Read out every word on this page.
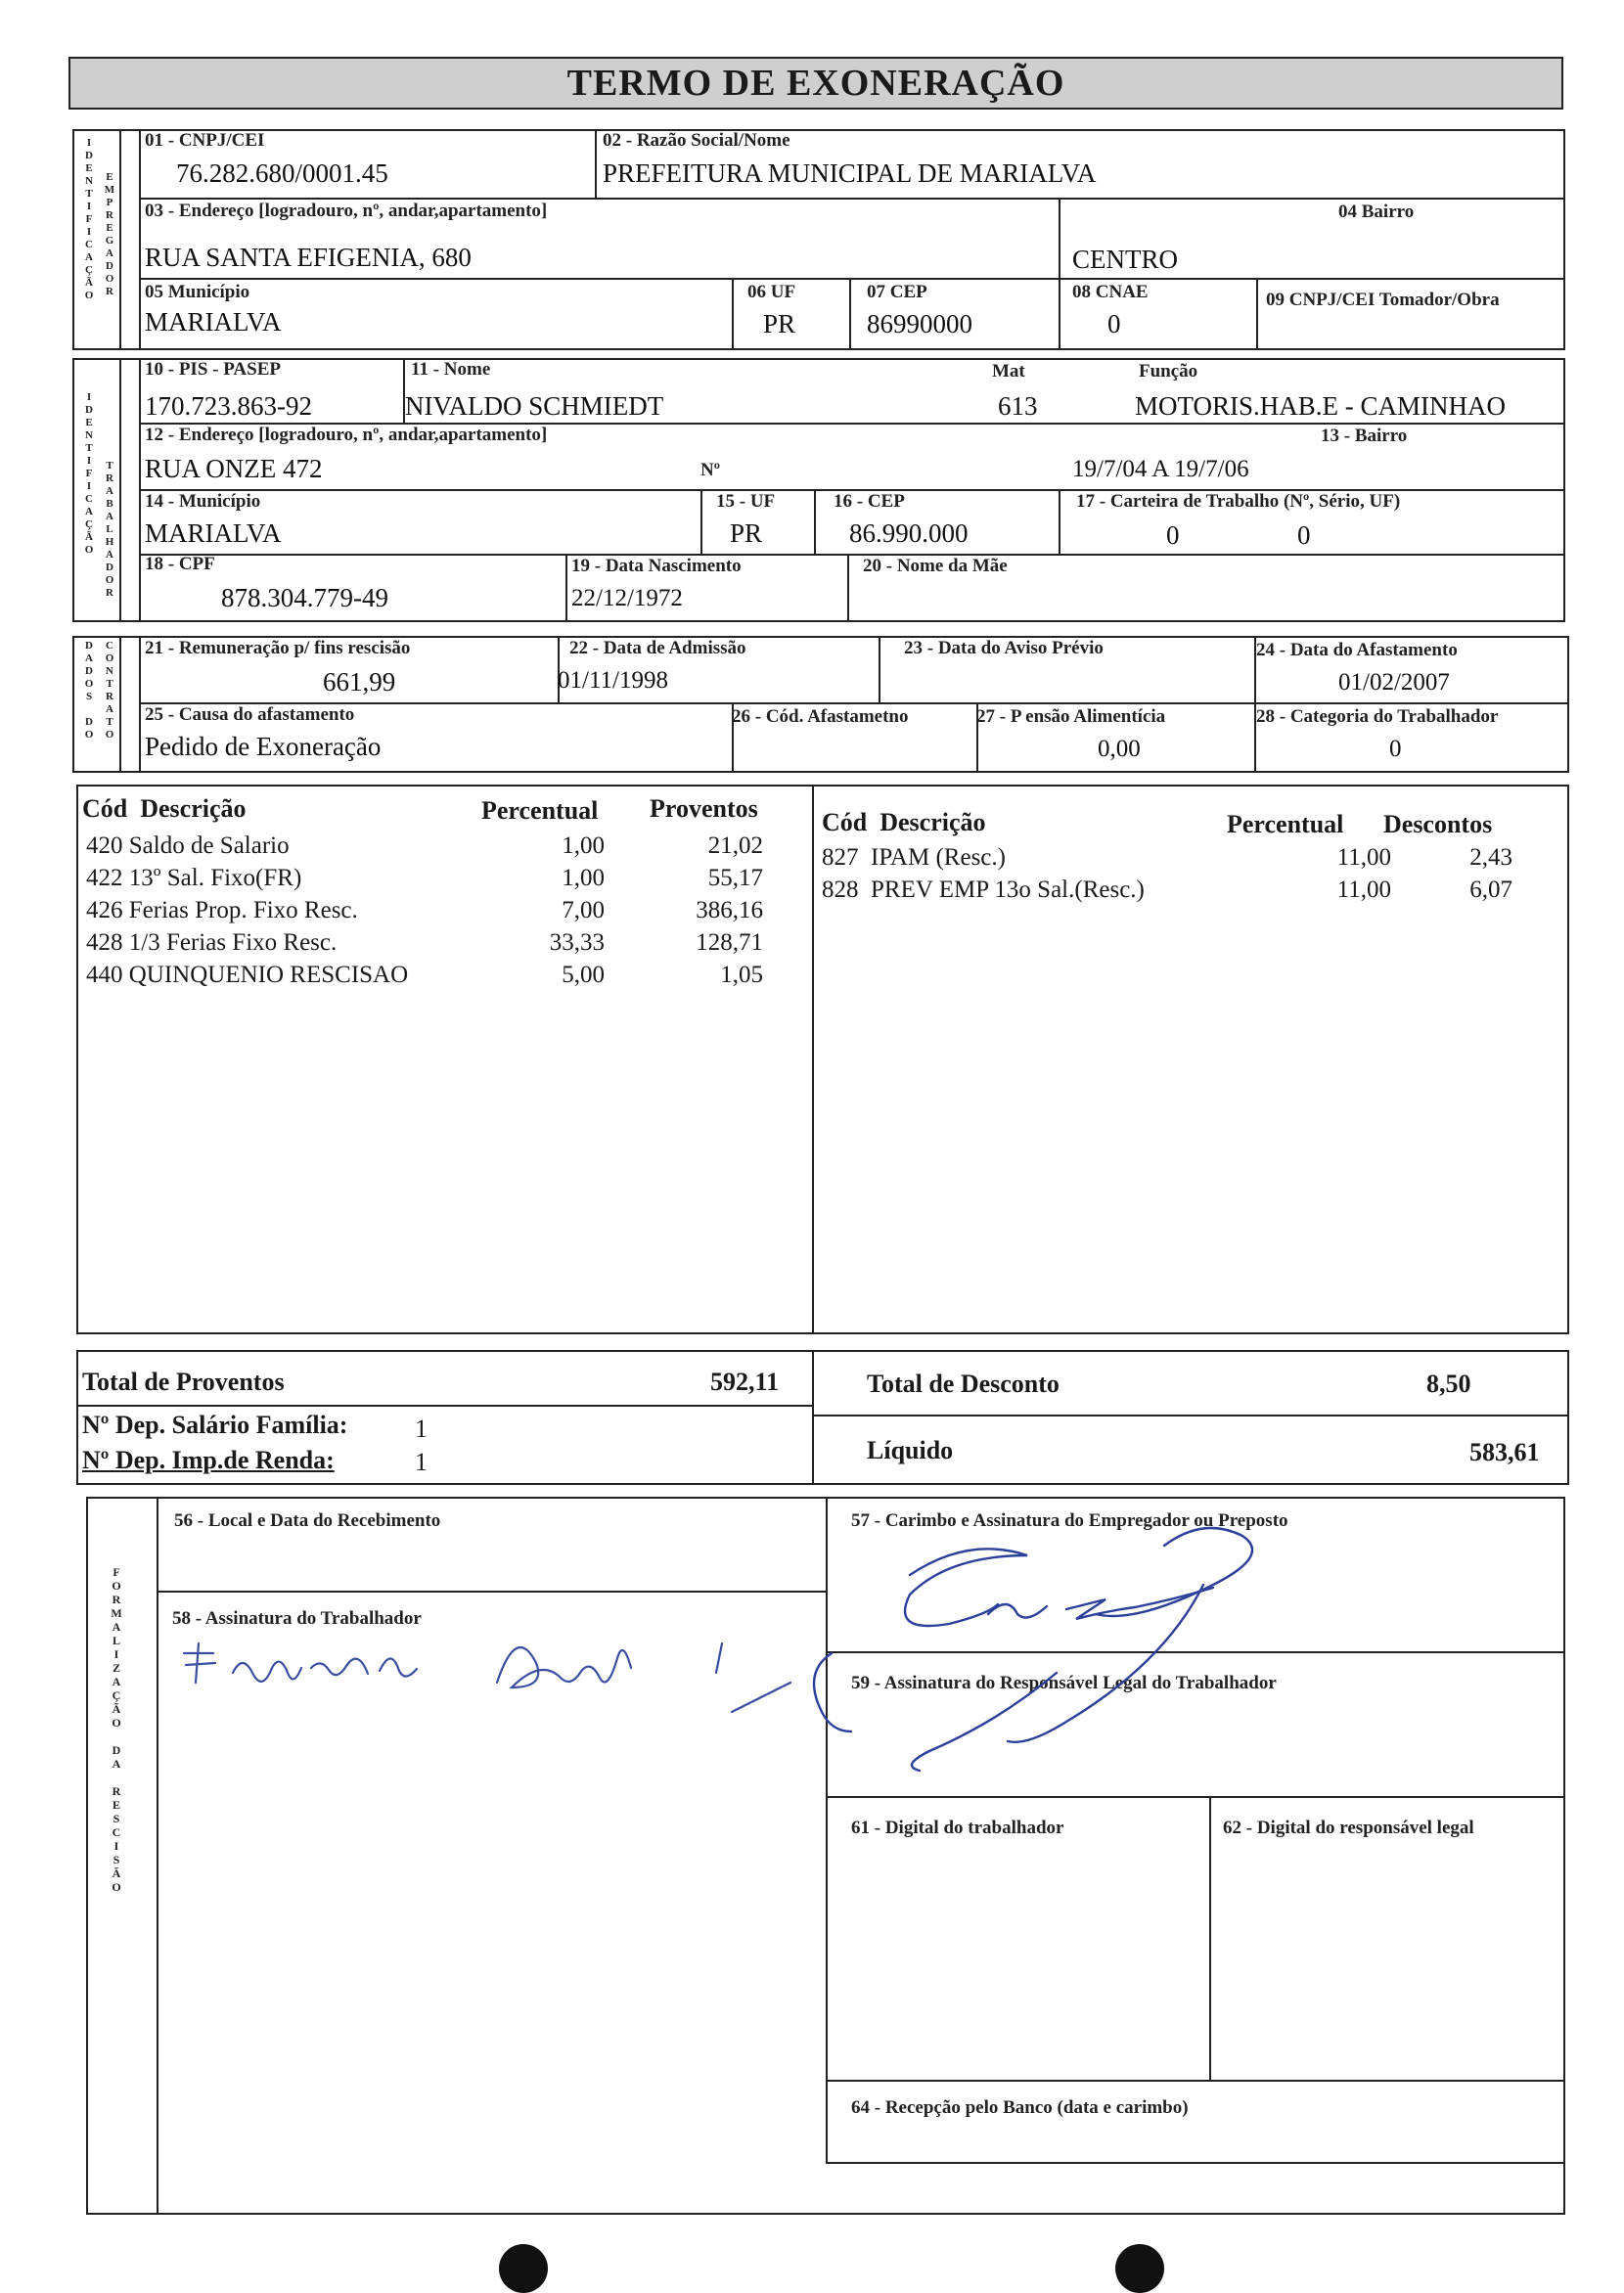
TERMO DE EXONERAÇÃO
I
D
E
N
T
I
F
I
C
A
Ç
Ã
O
E
M
P
R
E
G
A
D
O
R
01 - CNPJ/CEI
76.282.680/0001.45
02 - Razão Social/Nome
PREFEITURA MUNICIPAL DE MARIALVA
03 - Endereço [logradouro, nº, andar,apartamento]
RUA SANTA EFIGENIA, 680
04 Bairro
CENTRO
05 Município
MARIALVA
06 UF
PR
07 CEP
86990000
08 CNAE
0
09 CNPJ/CEI Tomador/Obra
I
D
E
N
T
I
F
I
C
A
Ç
Ã
O
T
R
A
B
A
L
H
A
D
O
R
10 - PIS - PASEP
170.723.863-92
11 - Nome
NIVALDO SCHMIEDT
Mat
613
Função
MOTORIS.HAB.E - CAMINHAO
12 - Endereço [logradouro, nº, andar,apartamento]
RUA ONZE 472	Nº
13 - Bairro
19/7/04 A 19/7/06
14 - Município
MARIALVA
15 - UF
PR
16 - CEP
86.990.000
17 - Carteira de Trabalho (Nº, Sério, UF)
0	0
18 - CPF
878.304.779-49
19 - Data Nascimento
22/12/1972
20 - Nome da Mãe
D
A
D
O
S

D
O
C
O
N
T
R
A
T
O
21 - Remuneração p/ fins rescisão
661,99
22 - Data de Admissão
01/11/1998
23 - Data do Aviso Prévio	24 - Data do Afastamento
01/02/2007
25 - Causa do afastamento
Pedido de Exoneração
26 - Cód. Afastametno	27 - P ensão Alimentícia
0,00
28 - Categoria do Trabalhador
0
Cód  Descrição	Percentual Proventos
420 Saldo de Salario	1,00	21,02
422 13º Sal. Fixo(FR)	1,00	55,17
426 Ferias Prop. Fixo Resc.	7,00	386,16
428 1/3 Ferias Fixo Resc.	33,33	128,71
440 QUINQUENIO RESCISAO	5,00	1,05
Cód  Descrição	Percentual Descontos
827  IPAM (Resc.)	11,00	2,43
828  PREV EMP 13o Sal.(Resc.)	11,00	6,07
Total de Proventos	592,11	Total de Desconto	8,50
Nº Dep. Salário Família:	1
Nº Dep. Imp.de Renda:	1	Líquido	583,61
F
O
R
M
A
L
I
Z
A
Ç
Ã
O

D
A

R
E
S
C
I
S
Ã
O
56 - Local e Data do Recebimento	57 - Carimbo e Assinatura do Empregador ou Preposto
58 - Assinatura do Trabalhador
59 - Assinatura do Responsável Legal do Trabalhador
61 - Digital do trabalhador	62 - Digital do responsável legal
64 - Recepção pelo Banco (data e carimbo)
